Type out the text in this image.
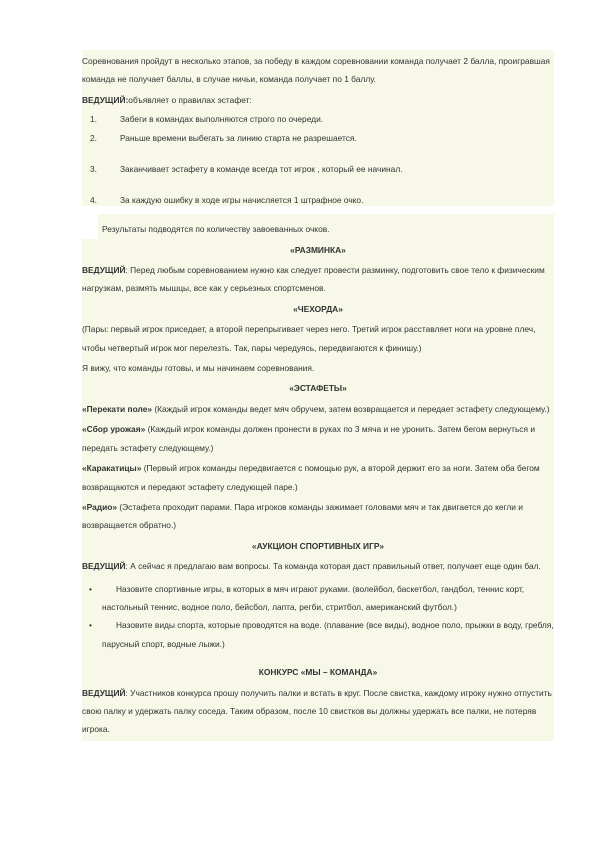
Соревнования пройдут в несколько этапов, за победу в каждом соревновании команда получает 2 балла, проигравшая команда не получает баллы, в случае ничьи, команда получает по 1 баллу.

ВЕДУЩИЙ:объявляет о правилах эстафет:

1.	Забеги в командах выполняются строго по очереди.
2.	Раньше времени выбегать за линию старта не разрешается.
3.	Заканчивает эстафету в команде всегда тот игрок , который ее начинал.
4.	За каждую ошибку в ходе игры начисляется 1 штрафное очко.

Результаты подводятся по количеству завоеванных очков.

«РАЗМИНКА»

ВЕДУЩИЙ: Перед любым соревнованием нужно как следует провести разминку, подготовить свое тело к физическим нагрузкам, размять мышцы, все как у серьезных спортсменов.

«ЧЕХОРДА»

(Пары: первый игрок приседает, а второй перепрыгивает через него. Третий игрок расставляет ноги на уровне плеч, чтобы четвертый игрок мог перелезть. Так, пары чередуясь, передвигаются к финишу.)

Я вижу, что команды готовы, и мы начинаем соревнования.

«ЭСТАФЕТЫ»

«Перекати поле» (Каждый игрок команды ведет мяч обручем, затем возвращается и передает эстафету следующему.)

«Сбор урожая» (Каждый игрок команды должен пронести в руках по 3 мяча и не уронить. Затем бегом вернуться и передать эстафету следующему.)

«Каракатицы» (Первый игрок команды передвигается с помощью рук, а второй держит его за ноги. Затем оба бегом возвращаются и передают эстафету следующей паре.)

«Радио» (Эстафета проходит парами. Пара игроков команды зажимает головами мяч и так двигается до кегли и возвращается обратно.)

«АУКЦИОН СПОРТИВНЫХ ИГР»

ВЕДУЩИЙ: А сейчас я предлагаю вам вопросы. Та команда которая даст правильный ответ, получает еще один бал.

•	Назовите спортивные игры, в которых в мяч играют руками. (волейбол, баскетбол, гандбол, теннис корт, настольный теннис, водное поло, бейсбол, лапта, регби, стритбол, американский футбол.)
•	Назовите виды спорта, которые проводятся на воде. (плавание (все виды), водное поло, прыжки в воду, гребля, парусный спорт, водные лыжи.)

КОНКУРС «МЫ – КОМАНДА»

ВЕДУЩИЙ: Участников конкурса прошу получить палки и встать в круг. После свистка, каждому игроку нужно отпустить свою палку и удержать палку соседа. Таким образом, после 10 свистков вы должны удержать все палки, не потеряв игрока.
